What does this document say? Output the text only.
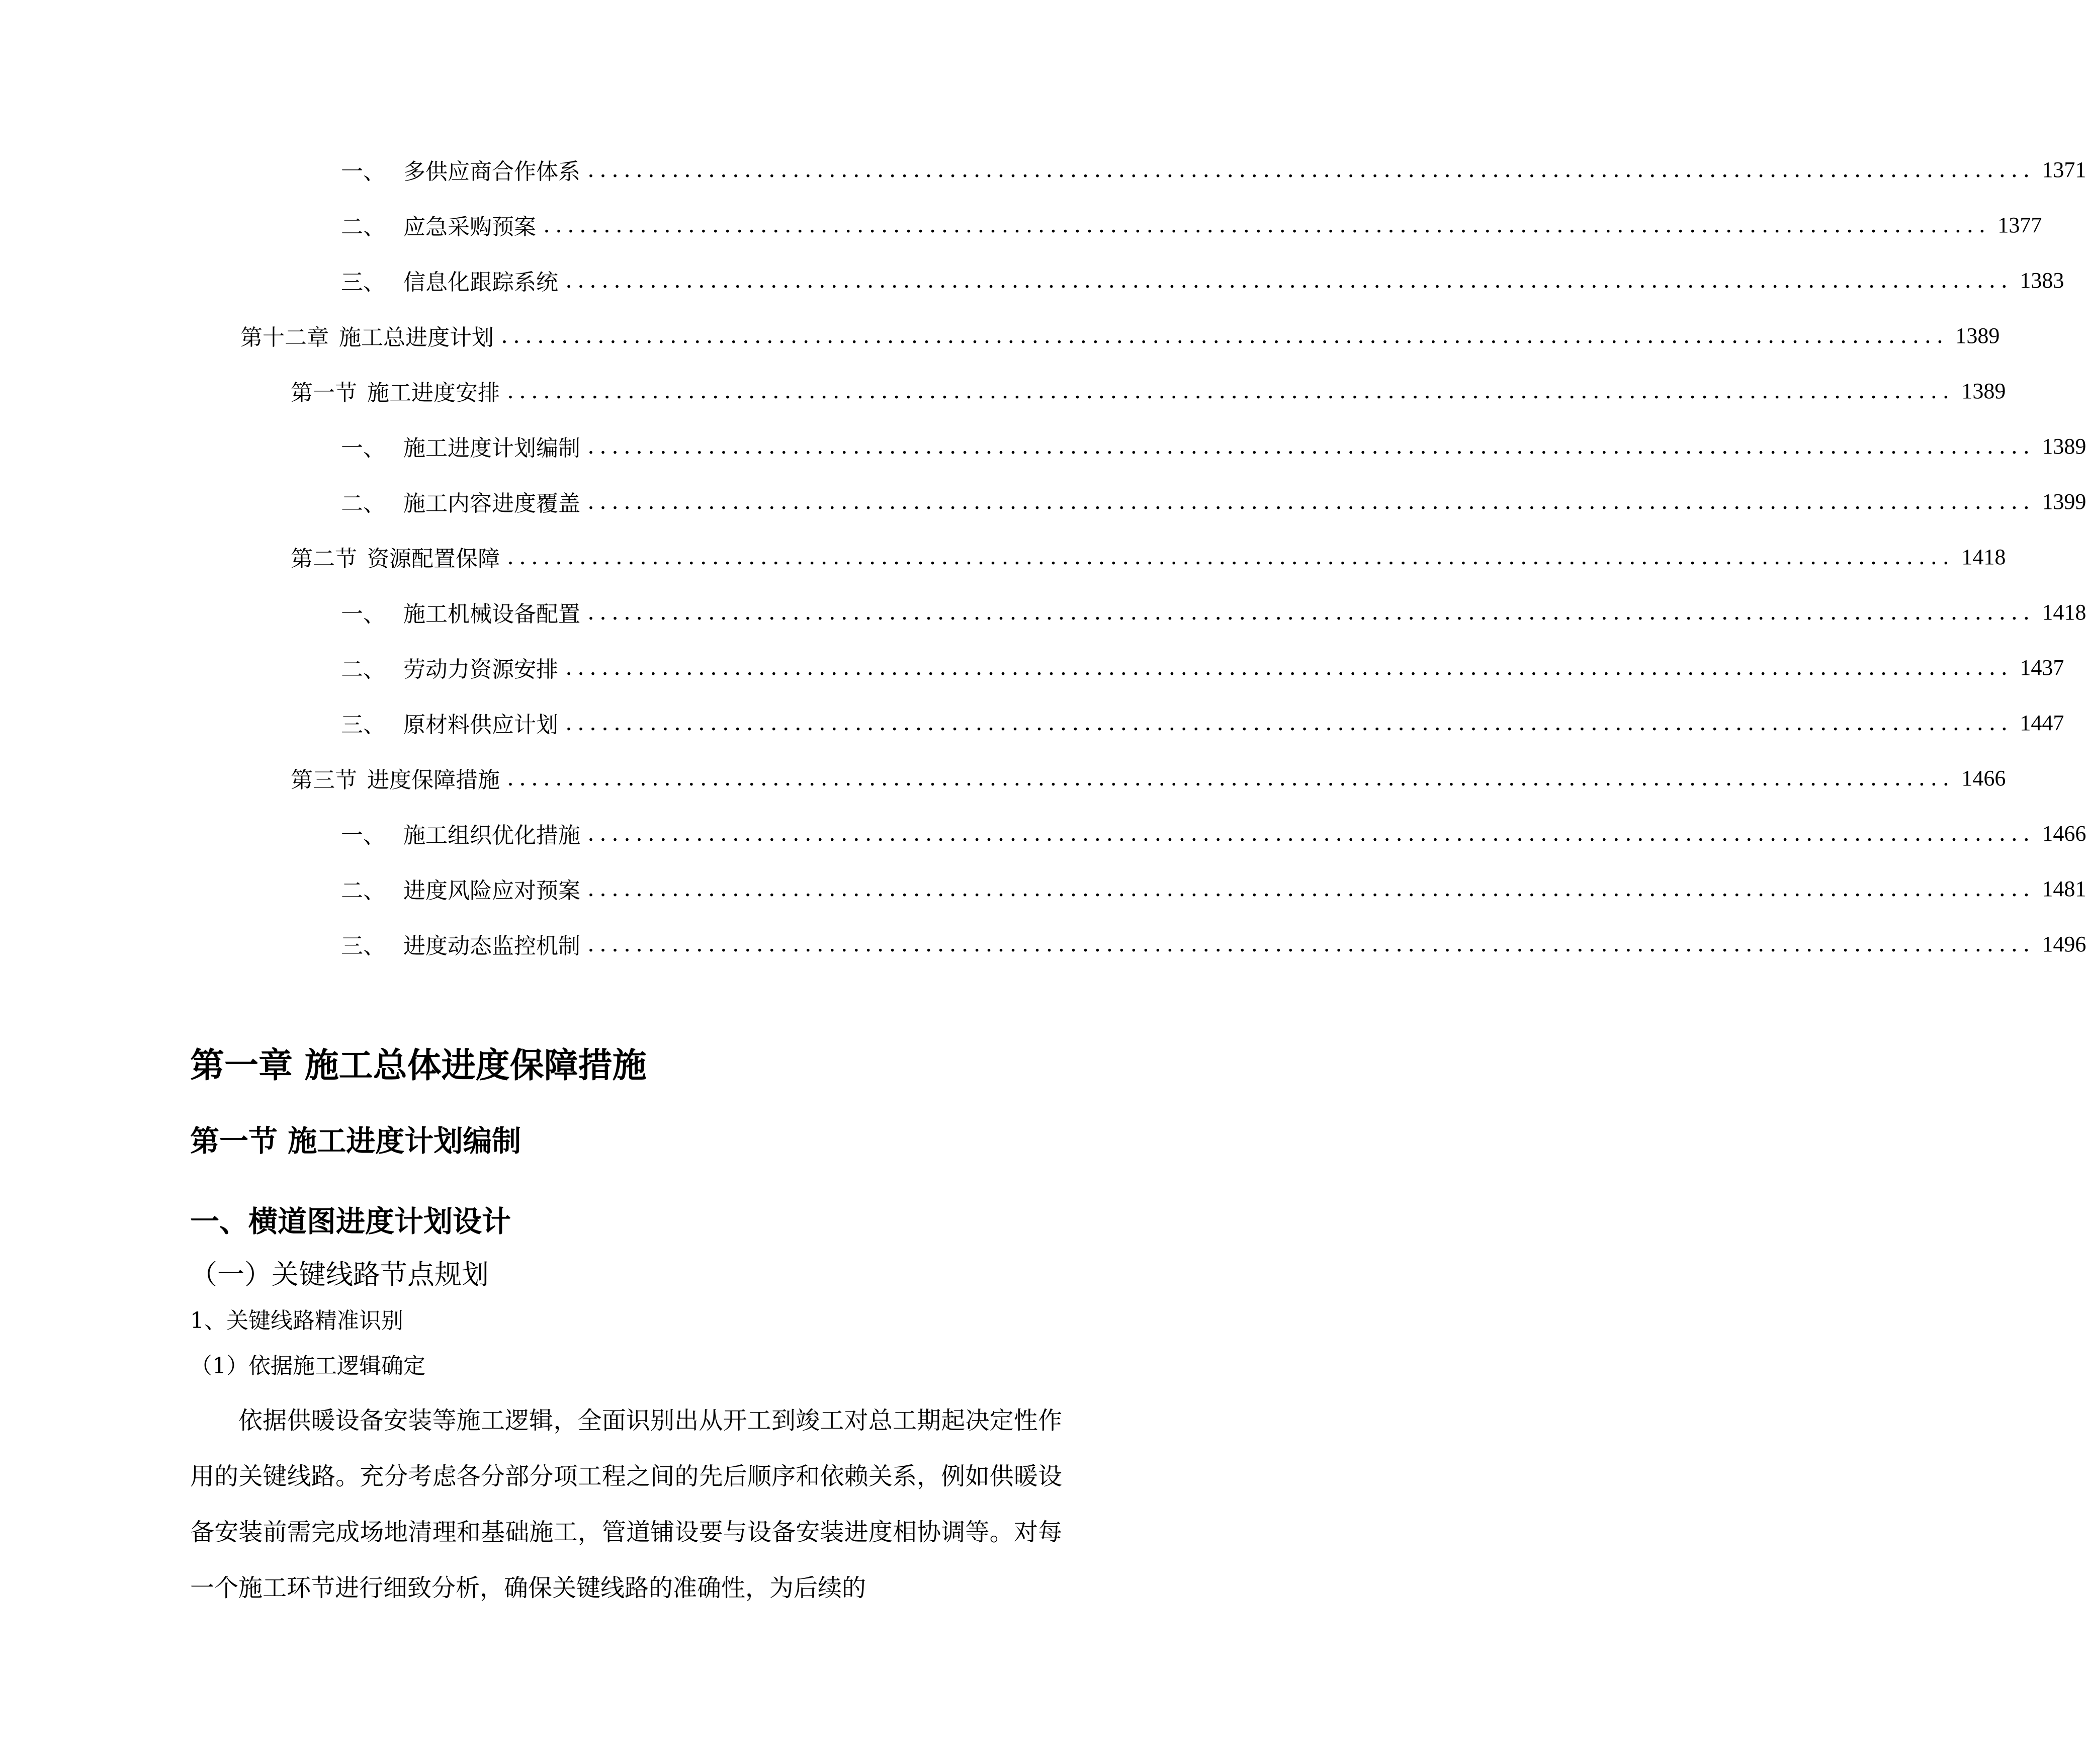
一、 多供应商合作体系 ........................................................................................................................ 1371
二、 应急采购预案 ........................................................................................................................ 1377
三、 信息化跟踪系统 ........................................................................................................................ 1383
第十二章 施工总进度计划 ........................................................................................................................ 1389
第一节 施工进度安排 ........................................................................................................................ 1389
一、 施工进度计划编制 ........................................................................................................................ 1389
二、 施工内容进度覆盖 ........................................................................................................................ 1399
第二节 资源配置保障 ........................................................................................................................ 1418
一、 施工机械设备配置 ........................................................................................................................ 1418
二、 劳动力资源安排 ........................................................................................................................ 1437
三、 原材料供应计划 ........................................................................................................................ 1447
第三节 进度保障措施 ........................................................................................................................ 1466
一、 施工组织优化措施 ........................................................................................................................ 1466
二、 进度风险应对预案 ........................................................................................................................ 1481
三、 进度动态监控机制 ........................................................................................................................ 1496
第一章 施工总体进度保障措施
第一节 施工进度计划编制
一、横道图进度计划设计
（一）关键线路节点规划
1、关键线路精准识别
（1）依据施工逻辑确定

依据供暖设备安装等施工逻辑，全面识别出从开工到竣工对总工期起决定性作用的关键线路。充分考虑各分部分项工程之间的先后顺序和依赖关系，例如供暖设备安装前需完成场地清理和基础施工，管道铺设要与设备安装进度相协调等。对每一个施工环节进行细致分析，确保关键线路的准确性，为后续的
